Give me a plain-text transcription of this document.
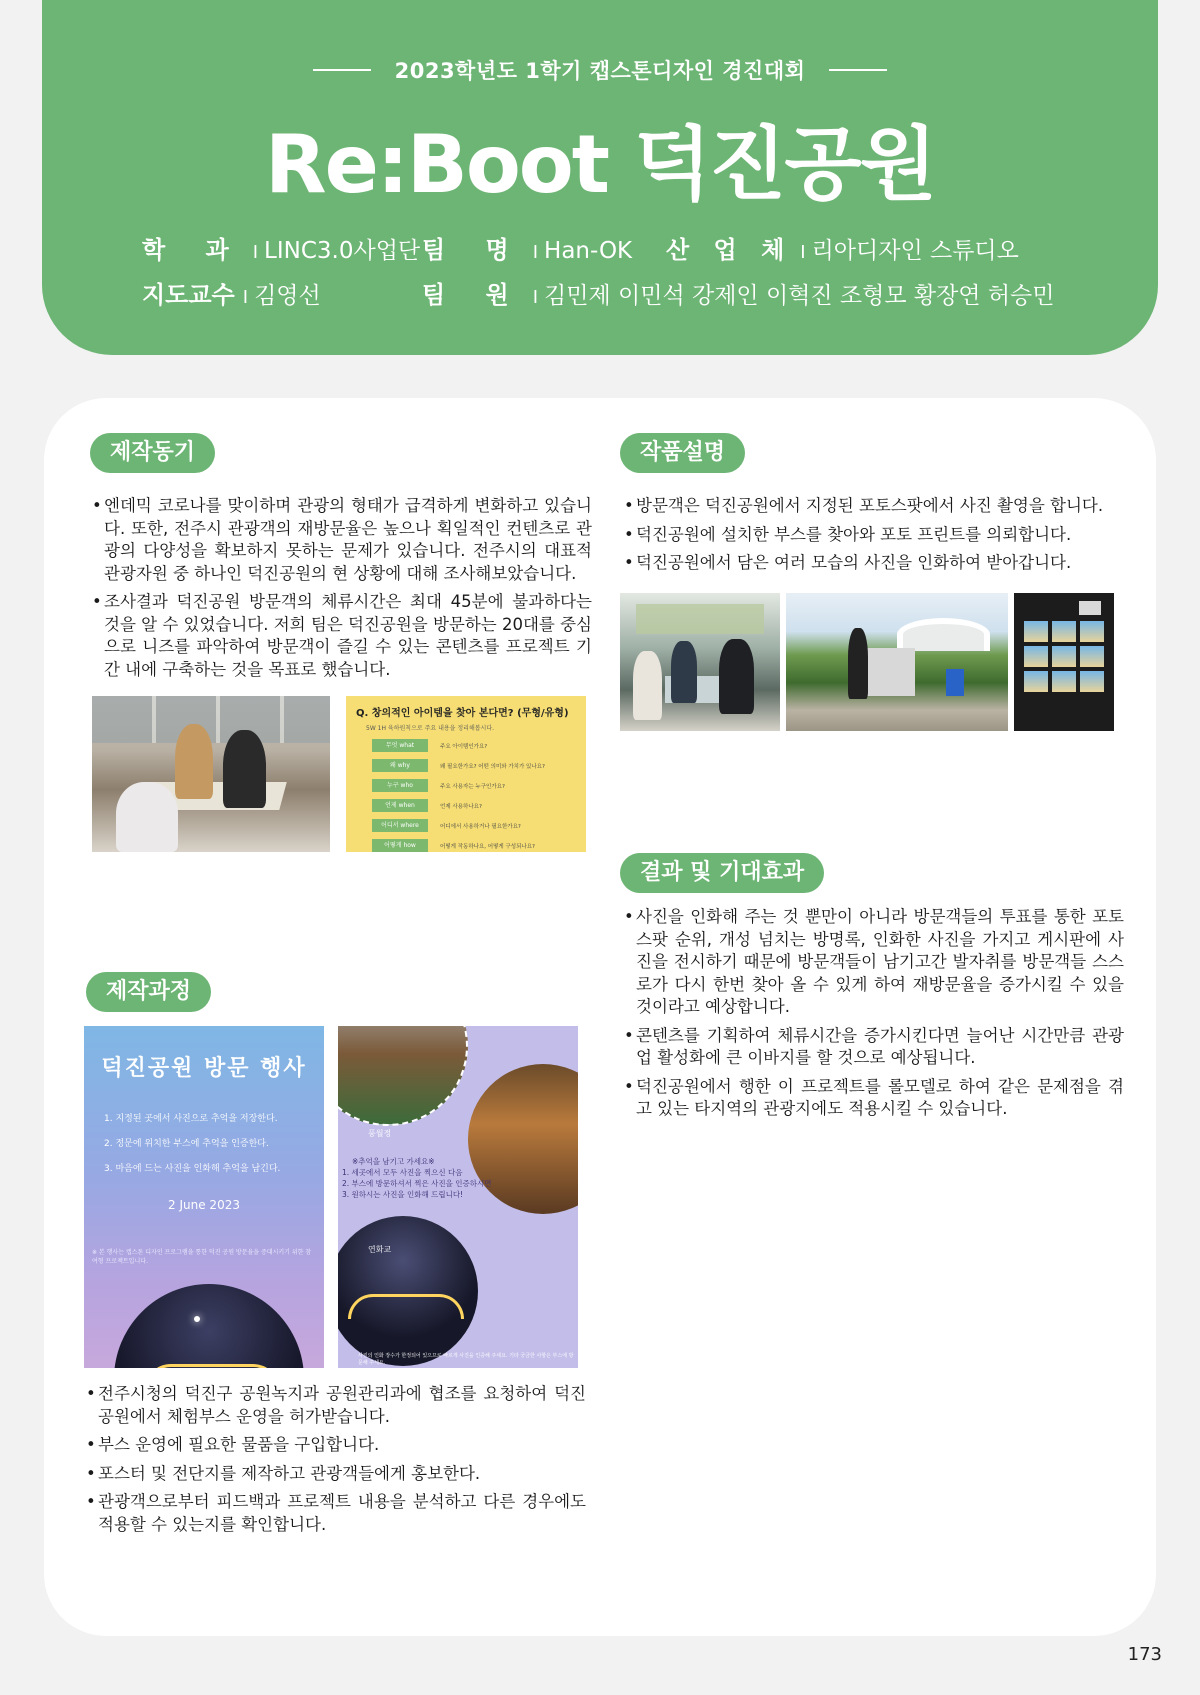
2023학년도 1학기 캡스톤디자인 경진대회
Re:Boot 덕진공원
학 과 I LINC3.0사업단 팀 명 I Han-OK 산 업 체 I 리아디자인 스튜디오
지도교수 I 김영선	팀 원 I 김민제 이민석 강제인 이혁진 조형모 황장연 허승민
제작동기
• 엔데믹 코로나를 맞이하며 관광의 형태가 급격하게 변화하고 있습니다. 또한, 전주시 관광객의 재방문율은 높으나 획일적인 컨텐츠로 관광의 다양성을 확보하지 못하는 문제가 있습니다. 전주시의 대표적 관광자원 중 하나인 덕진공원의 현 상황에 대해 조사해보았습니다.
• 조사결과 덕진공원 방문객의 체류시간은 최대 45분에 불과하다는 것을 알 수 있었습니다. 저희 팀은 덕진공원을 방문하는 20대를 중심으로 니즈를 파악하여 방문객이 즐길 수 있는 콘텐츠를 프로젝트 기간 내에 구축하는 것을 목표로 했습니다.
Q. 창의적인 아이템을 찾아 본다면? (무형/유형)
5W 1H 육하원칙으로 주요 내용을 정리해봅시다.
무엇 what	주요 아이템인가요?
왜 why	왜 필요한가요? 어떤 의미와 가치가 있나요?
누구 who	주요 사용자는 누구인가요?
언제 when	언제 사용하나요?
어디서 where	어디에서 사용하거나 필요한가요?
어떻게 how	어떻게 작동하나요, 어떻게 구성되나요?
작품설명
• 방문객은 덕진공원에서 지정된 포토스팟에서 사진 촬영을 합니다.
• 덕진공원에 설치한 부스를 찾아와 포토 프린트를 의뢰합니다.
• 덕진공원에서 담은 여러 모습의 사진을 인화하여 받아갑니다.
결과 및 기대효과
• 사진을 인화해 주는 것 뿐만이 아니라 방문객들의 투표를 통한 포토스팟 순위, 개성 넘치는 방명록, 인화한 사진을 가지고 게시판에 사진을 전시하기 때문에 방문객들이 남기고간 발자취를 방문객들 스스로가 다시 한번 찾아 올 수 있게 하여 재방문율을 증가시킬 수 있을 것이라고 예상합니다.
• 콘텐츠를 기획하여 체류시간을 증가시킨다면 늘어난 시간만큼 관광업 활성화에 큰 이바지를 할 것으로 예상됩니다.
• 덕진공원에서 행한 이 프로젝트를 롤모델로 하여 같은 문제점을 겪고 있는 타지역의 관광지에도 적용시킬 수 있습니다.
제작과정
덕진공원 방문 행사
1. 지정된 곳에서 사진으로 추억을 저장한다.
2. 정문에 위치한 부스에 추억을 인증한다.
3. 마음에 드는 사진을 인화해 추억을 남긴다.
2 June 2023
※ 본 행사는 캡스톤 디자인 프로그램을 통한 덕진 공원 방문율을 증대시키기 위한 참여형 프로젝트입니다.
풍월정
연화교
※추억을 남기고 가세요※
1. 세곳에서 모두 사진을 찍으신 다음
2. 부스에 방문하셔서 찍은 사진을 인증하시면
3. 원하시는 사진을 인화해 드립니다!
사진의 인화 장수가 한정되어 있으므로 빠르게 사진을 인증해 주세요. 기타 궁금한 사항은 부스에 방문해 주세요.
• 전주시청의 덕진구 공원녹지과 공원관리과에 협조를 요청하여 덕진공원에서 체험부스 운영을 허가받습니다.
• 부스 운영에 필요한 물품을 구입합니다.
• 포스터 및 전단지를 제작하고 관광객들에게 홍보한다.
• 관광객으로부터 피드백과 프로젝트 내용을 분석하고 다른 경우에도 적용할 수 있는지를 확인합니다.
173
